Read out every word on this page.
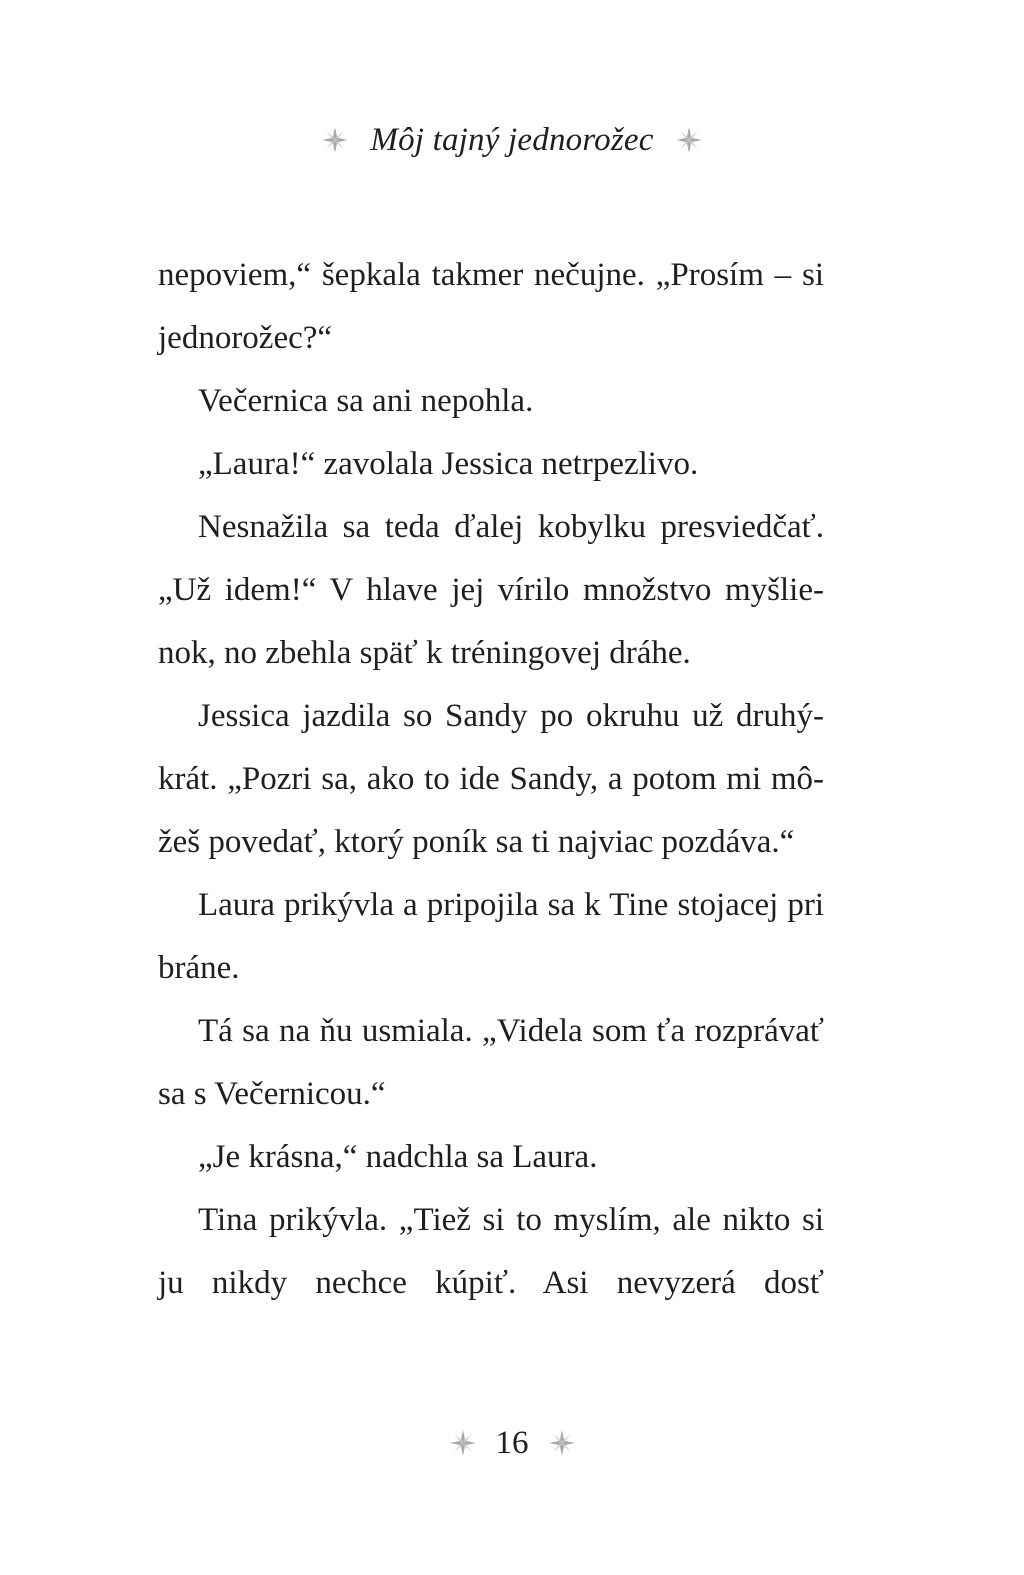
Môj tajný jednorožec

nepoviem,“ šepkala takmer nečujne. „Prosím – si jednorožec?“

Večernica sa ani nepohla.

„Laura!“ zavolala Jessica netrpezlivo.

Nesnažila sa teda ďalej kobylku presviedčať. „Už idem!“ V hlave jej vírilo množstvo myšlienok, no zbehla späť k tréningovej dráhe.

Jessica jazdila so Sandy po okruhu už druhýkrát. „Pozri sa, ako to ide Sandy, a potom mi môžeš povedať, ktorý poník sa ti najviac pozdáva.“

Laura prikývla a pripojila sa k Tine stojacej pri bráne.

Tá sa na ňu usmiala. „Videla som ťa rozprávať sa s Večernicou.“

„Je krásna,“ nadchla sa Laura.

Tina prikývla. „Tiež si to myslím, ale nikto si ju nikdy nechce kúpiť. Asi nevyzerá dosť

16
